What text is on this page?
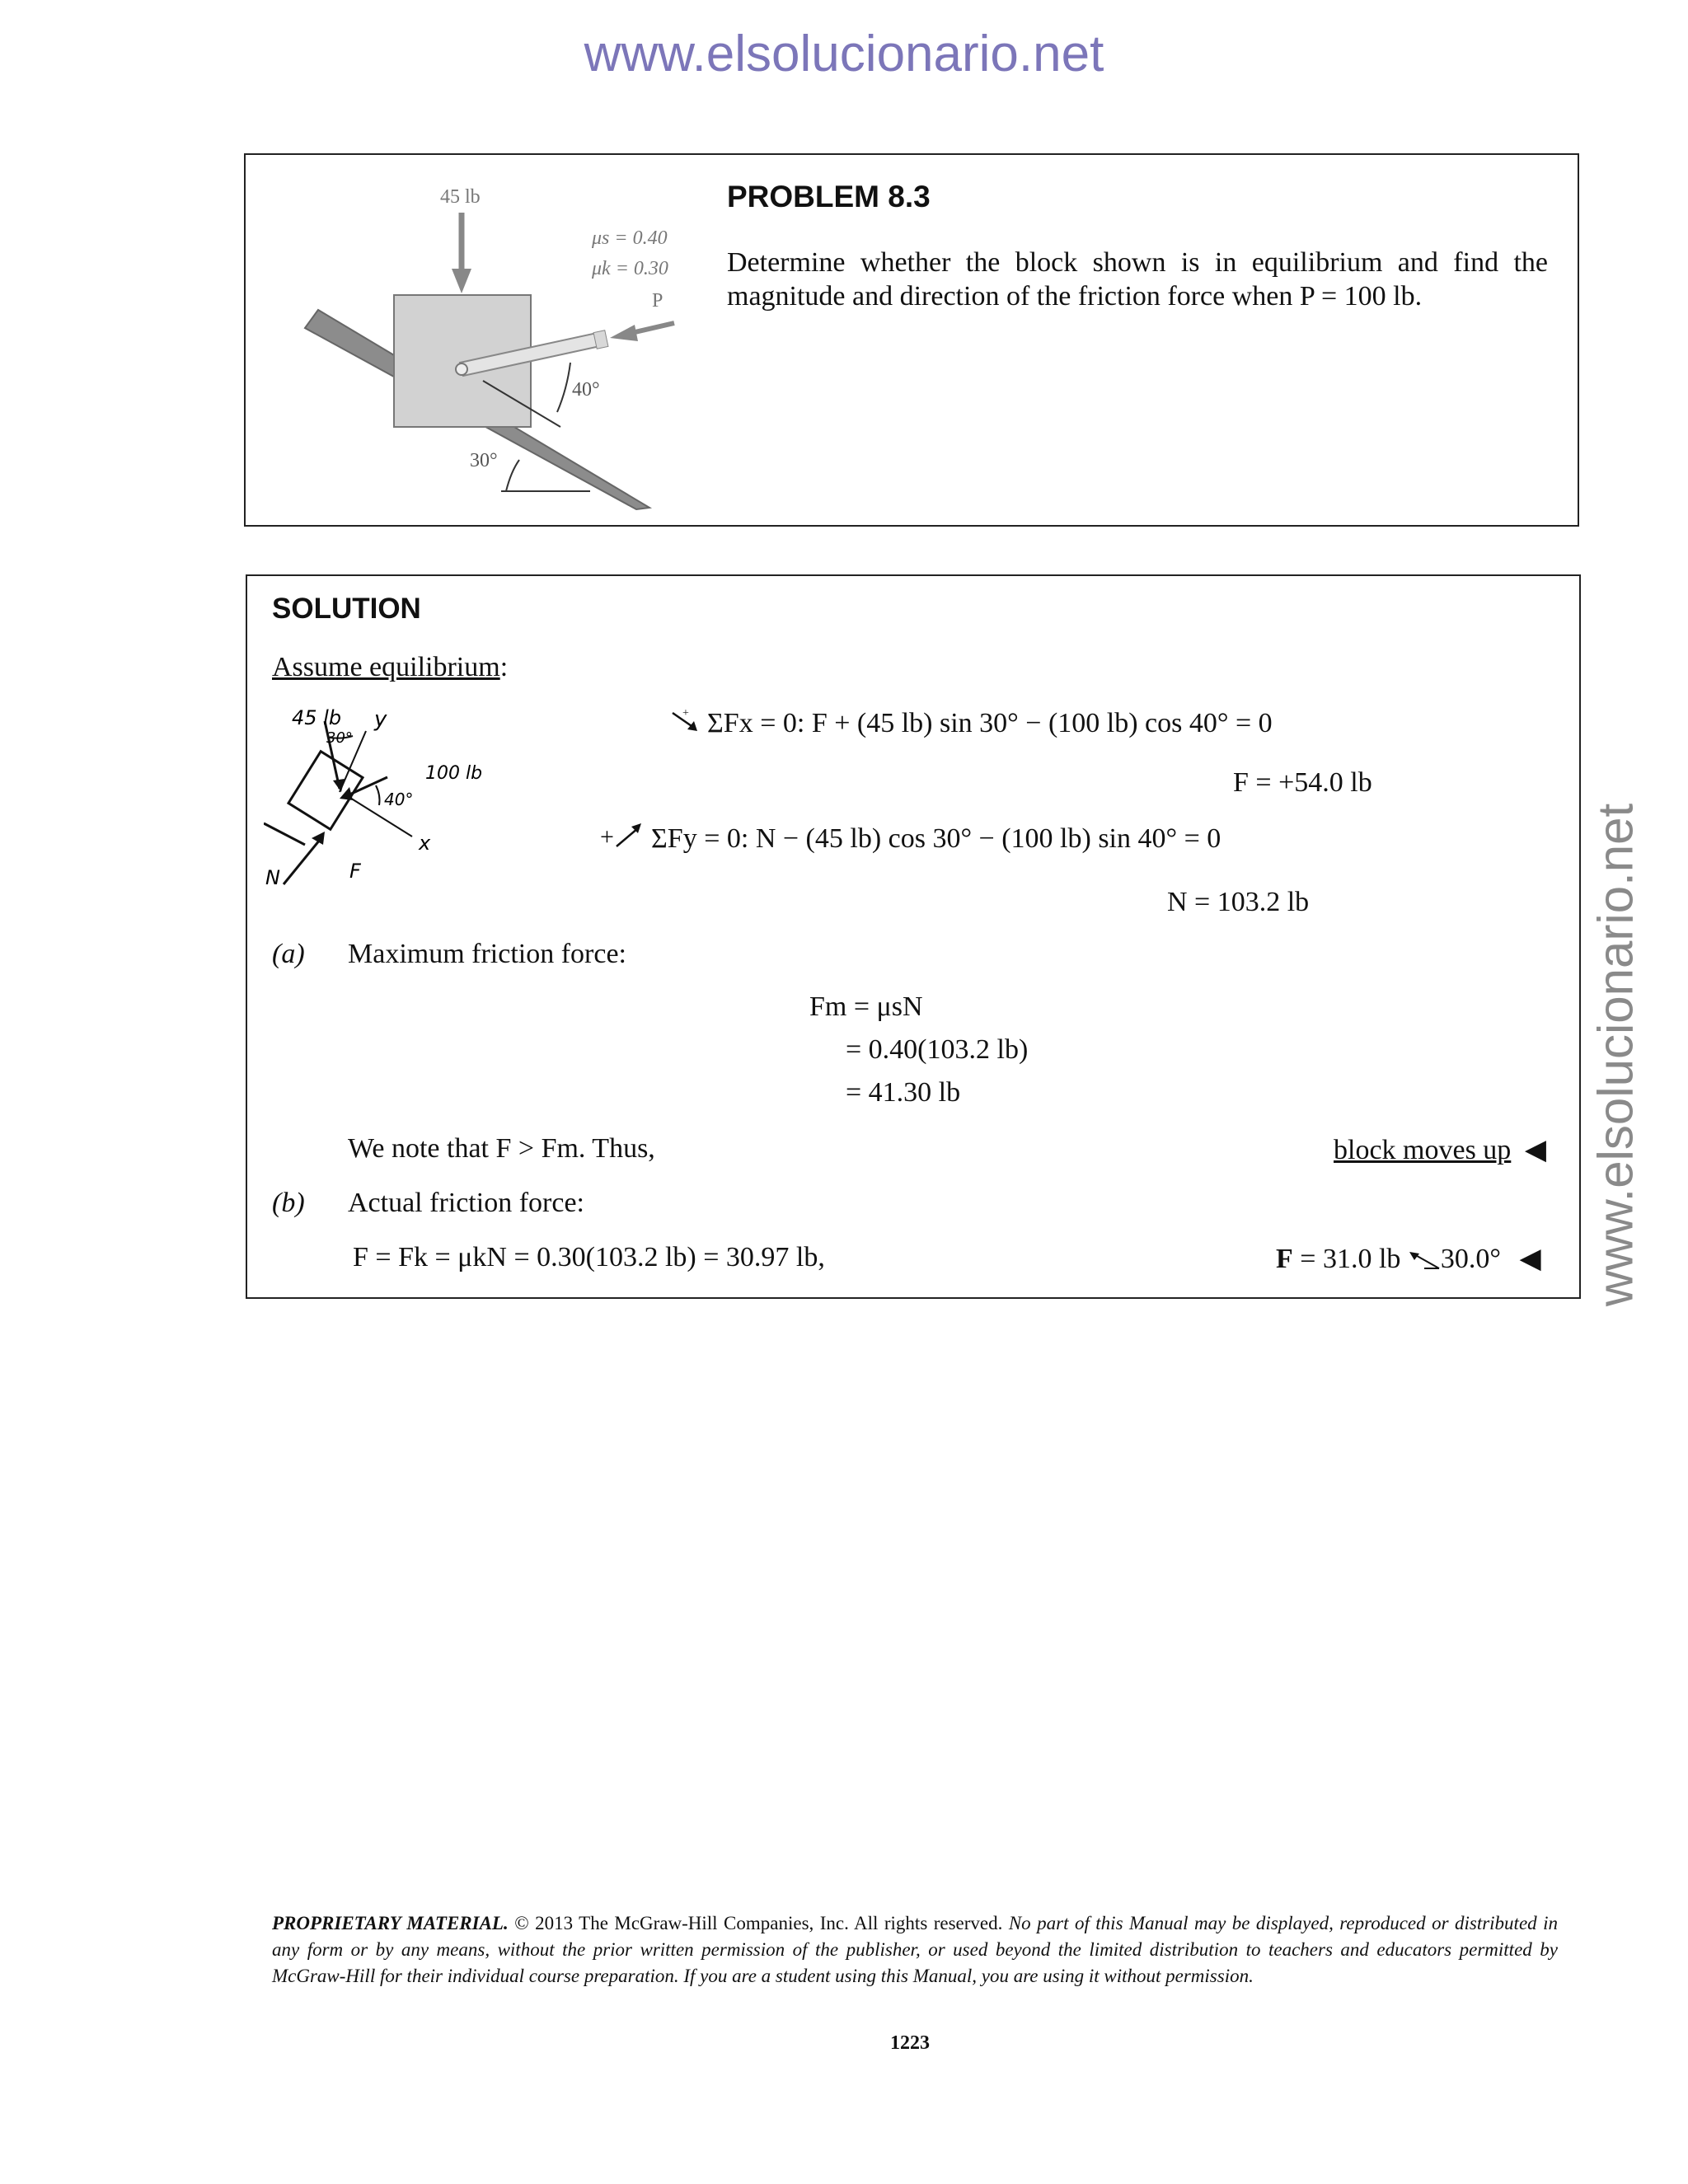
www.elsolucionario.net
www.elsolucionario.net
45 lb
μs = 0.40
μk = 0.30
P
40°
30°
PROBLEM 8.3
Determine whether the block shown is in equilibrium and find the magnitude and direction of the friction force when P = 100 lb.
SOLUTION
Assume equilibrium:
45 lb
30°
y
100 lb
40°
x
N	F
+ ΣFx = 0: F + (45 lb) sin 30° − (100 lb) cos 40° = 0
F = +54.0 lb
+ ΣFy = 0: N − (45 lb) cos 30° − (100 lb) sin 40° = 0
N = 103.2 lb
(a) Maximum friction force:
Fm = μsN
= 0.40(103.2 lb)
= 41.30 lb
We note that F > Fm. Thus,	block moves up ◀
(b) Actual friction force:
F = Fk = μkN = 0.30(103.2 lb) = 30.97 lb,	F = 31.0 lb 30.0° ◀
PROPRIETARY MATERIAL. © 2013 The McGraw-Hill Companies, Inc. All rights reserved. No part of this Manual may be displayed, reproduced or distributed in any form or by any means, without the prior written permission of the publisher, or used beyond the limited distribution to teachers and educators permitted by McGraw-Hill for their individual course preparation. If you are a student using this Manual, you are using it without permission.
1223
